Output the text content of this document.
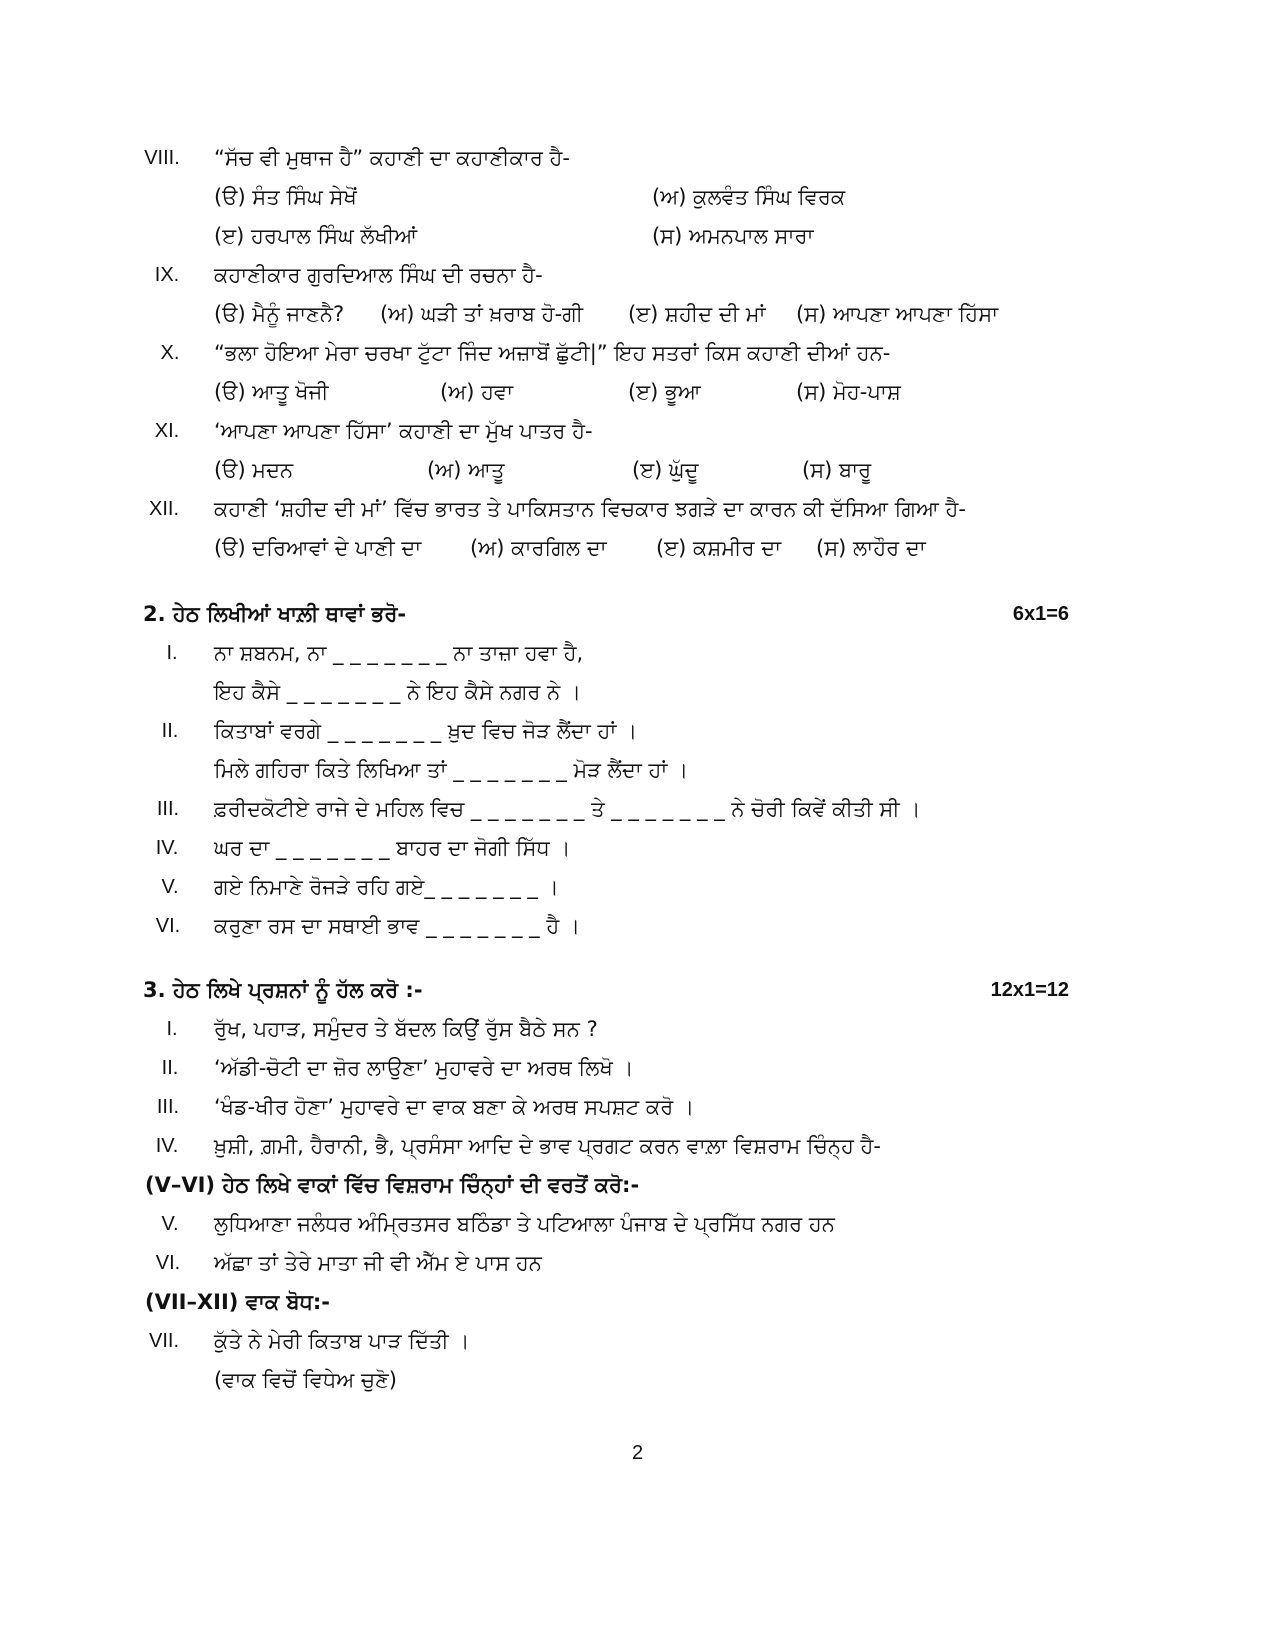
VIII.	“ਸੱਚ ਵੀ ਮੁਥਾਜ ਹੈ” ਕਹਾਣੀ ਦਾ ਕਹਾਣੀਕਾਰ ਹੈ-
(ੳ) ਸੰਤ ਸਿੰਘ ਸੇਖੋਂ	(ਅ) ਕੁਲਵੰਤ ਸਿੰਘ ਵਿਰਕ
(ੲ) ਹਰਪਾਲ ਸਿੰਘ ਲੱਖੀਆਂ	(ਸ) ਅਮਨਪਾਲ ਸਾਰਾ
IX.	ਕਹਾਣੀਕਾਰ ਗੁਰਦਿਆਲ ਸਿੰਘ ਦੀ ਰਚਨਾ ਹੈ-
(ੳ) ਮੈਨੂੰ ਜਾਣਨੈ? (ਅ) ਘੜੀ ਤਾਂ ਖ਼ਰਾਬ ਹੋ-ਗੀ (ੲ) ਸ਼ਹੀਦ ਦੀ ਮਾਂ (ਸ) ਆਪਣਾ ਆਪਣਾ ਹਿੱਸਾ
X.	“ਭਲਾ ਹੋਇਆ ਮੇਰਾ ਚਰਖਾ ਟੁੱਟਾ ਜਿੰਦ ਅਜ਼ਾਬੋਂ ਛੁੱਟੀ|” ਇਹ ਸਤਰਾਂ ਕਿਸ ਕਹਾਣੀ ਦੀਆਂ ਹਨ-
(ੳ) ਆਤੂ ਖੋਜੀ	(ਅ) ਹਵਾ	(ੲ) ਭੂਆ	(ਸ) ਮੋਹ-ਪਾਸ਼
XI.	‘ਆਪਣਾ ਆਪਣਾ ਹਿੱਸਾ’ ਕਹਾਣੀ ਦਾ ਮੁੱਖ ਪਾਤਰ ਹੈ-
(ੳ) ਮਦਨ	(ਅ) ਆਤੂ	(ੲ) ਘੁੱਦੂ	(ਸ) ਬਾਰੂ
XII.	ਕਹਾਣੀ ‘ਸ਼ਹੀਦ ਦੀ ਮਾਂ’ ਵਿੱਚ ਭਾਰਤ ਤੇ ਪਾਕਿਸਤਾਨ ਵਿਚਕਾਰ ਝਗੜੇ ਦਾ ਕਾਰਨ ਕੀ ਦੱਸਿਆ ਗਿਆ ਹੈ-
(ੳ) ਦਰਿਆਵਾਂ ਦੇ ਪਾਣੀ ਦਾ (ਅ) ਕਾਰਗਿਲ ਦਾ (ੲ) ਕਸ਼ਮੀਰ ਦਾ (ਸ) ਲਾਹੌਰ ਦਾ
2. ਹੇਠ ਲਿਖੀਆਂ ਖਾਲ਼ੀ ਥਾਵਾਂ ਭਰੋ-	6x1=6
I.	ਨਾ ਸ਼ਬਨਮ, ਨਾ _ _ _ _ _ _ _ ਨਾ ਤਾਜ਼ਾ ਹਵਾ ਹੈ,
ਇਹ ਕੈਸੇ _ _ _ _ _ _ _ ਨੇ ਇਹ ਕੈਸੇ ਨਗਰ ਨੇ ।
II.	ਕਿਤਾਬਾਂ ਵਰਗੇ _ _ _ _ _ _ _ ਖ਼ੁਦ ਵਿਚ ਜੋੜ ਲੈਂਦਾ ਹਾਂ ।
ਮਿਲੇ ਗਹਿਰਾ ਕਿਤੇ ਲਿਖਿਆ ਤਾਂ _ _ _ _ _ _ _ ਮੋੜ ਲੈਂਦਾ ਹਾਂ ।
III.	ਫ਼ਰੀਦਕੋਟੀਏ ਰਾਜੇ ਦੇ ਮਹਿਲ ਵਿਚ _ _ _ _ _ _ _ ਤੇ _ _ _ _ _ _ _ ਨੇ ਚੋਰੀ ਕਿਵੇਂ ਕੀਤੀ ਸੀ ।
IV.	ਘਰ ਦਾ _ _ _ _ _ _ _ ਬਾਹਰ ਦਾ ਜੋਗੀ ਸਿੱਧ ।
V.	ਗਏ ਨਿਮਾਣੇ ਰੋਜੜੇ ਰਹਿ ਗਏ_ _ _ _ _ _ _ ।
VI.	ਕਰੁਣਾ ਰਸ ਦਾ ਸਥਾਈ ਭਾਵ _ _ _ _ _ _ _ ਹੈ ।
3. ਹੇਠ ਲਿਖੇ ਪ੍ਰਸ਼ਨਾਂ ਨੂੰ ਹੱਲ ਕਰੋ :-	12x1=12
I.	ਰੁੱਖ, ਪਹਾੜ, ਸਮੁੰਦਰ ਤੇ ਬੱਦਲ ਕਿਉਂ ਰੁੱਸ ਬੈਠੇ ਸਨ ?
II.	‘ਅੱਡੀ-ਚੋਟੀ ਦਾ ਜ਼ੋਰ ਲਾਉਣਾ’ ਮੁਹਾਵਰੇ ਦਾ ਅਰਥ ਲਿਖੋ ।
III.	‘ਖੰਡ-ਖੀਰ ਹੋਣਾ’ ਮੁਹਾਵਰੇ ਦਾ ਵਾਕ ਬਣਾ ਕੇ ਅਰਥ ਸਪਸ਼ਟ ਕਰੋ ।
IV.	ਖ਼ੁਸ਼ੀ, ਗ਼ਮੀ, ਹੈਰਾਨੀ, ਭੈ, ਪ੍ਰਸੰਸਾ ਆਦਿ ਦੇ ਭਾਵ ਪ੍ਰਗਟ ਕਰਨ ਵਾਲ਼ਾ ਵਿਸ਼ਰਾਮ ਚਿੰਨ੍ਹ ਹੈ-
(V–VI) ਹੇਠ ਲਿਖੇ ਵਾਕਾਂ ਵਿੱਚ ਵਿਸ਼ਰਾਮ ਚਿੰਨ੍ਹਾਂ ਦੀ ਵਰਤੋਂ ਕਰੋ:-
V.	ਲੁਧਿਆਣਾ ਜਲੰਧਰ ਅੰਮ੍ਰਿਤਸਰ ਬਠਿੰਡਾ ਤੇ ਪਟਿਆਲਾ ਪੰਜਾਬ ਦੇ ਪ੍ਰਸਿੱਧ ਨਗਰ ਹਨ
VI.	ਅੱਛਾ ਤਾਂ ਤੇਰੇ ਮਾਤਾ ਜੀ ਵੀ ਐੱਮ ਏ ਪਾਸ ਹਨ
(VII–XII) ਵਾਕ ਬੋਧ:-
VII.	ਕੁੱਤੇ ਨੇ ਮੇਰੀ ਕਿਤਾਬ ਪਾੜ ਦਿੱਤੀ ।
(ਵਾਕ ਵਿਚੋਂ ਵਿਧੇਅ ਚੁਣੋ)
2
